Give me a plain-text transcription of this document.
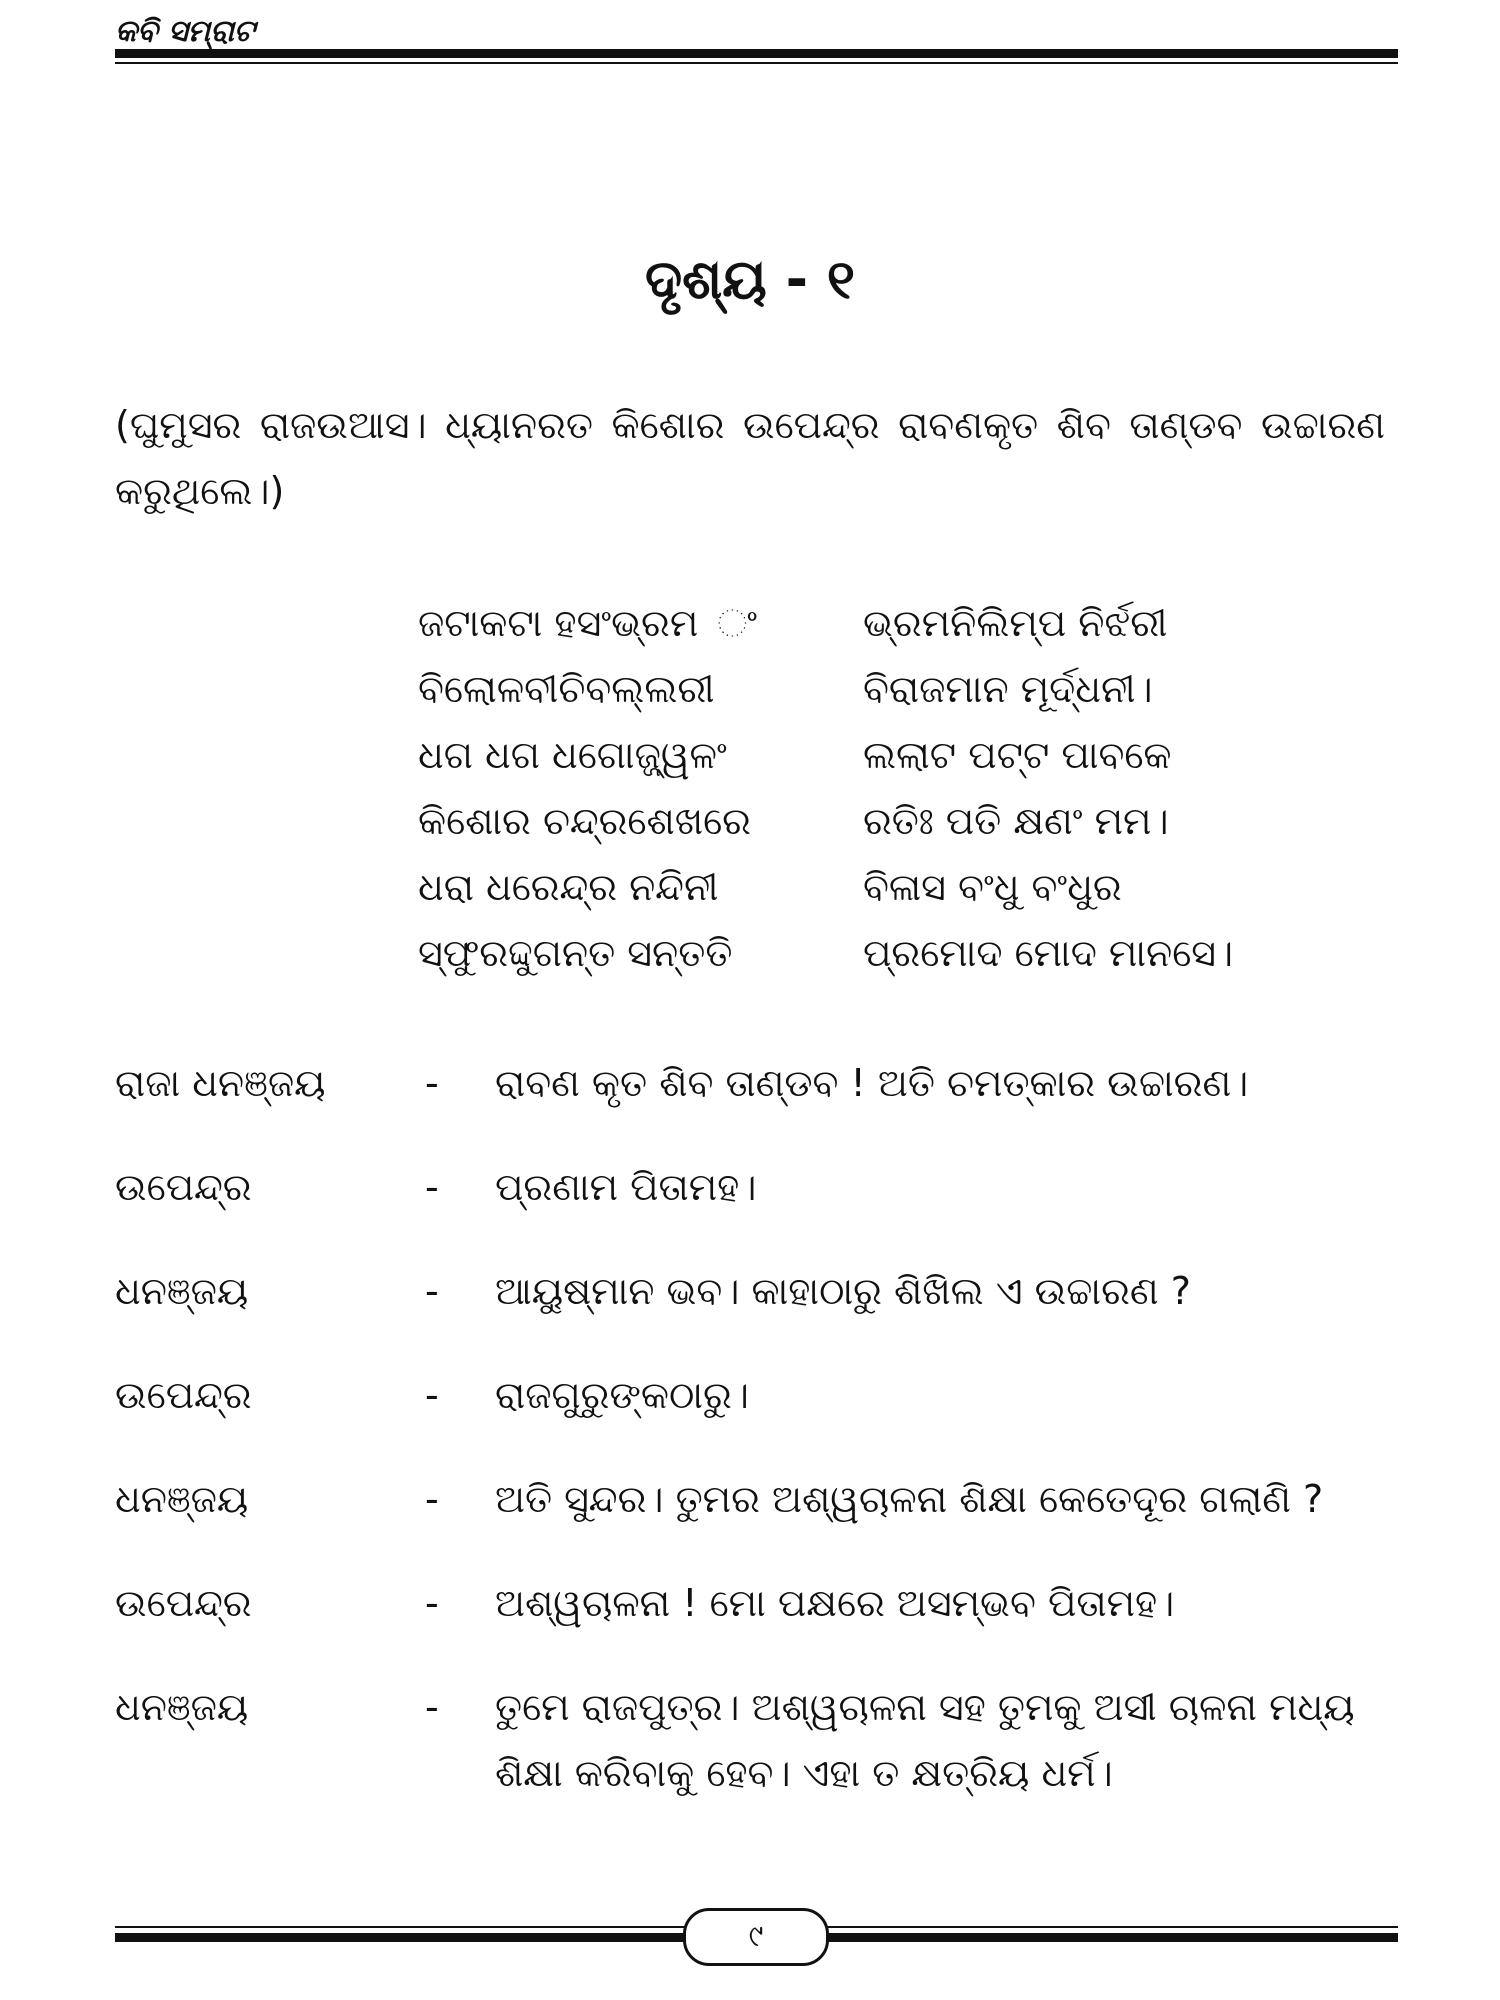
କବି ସମ୍ରାଟ
ଦୃଶ୍ୟ - ୧
(ଘୁମୁସର ରାଜଉଆସ। ଧ୍ୟାନରତ କିଶୋର ଉପେନ୍ଦ୍ର ରାବଣକୃତ ଶିବ ତାଣ୍ଡବ ଉଚ୍ଚାରଣ କରୁଥିଲେ।)
ଜଟାକଟା ହସଂଭ୍ରମ ଂ	ଭ୍ରମନିଲିମ୍ପ ନିର୍ଝରୀ
ବିଲୋଳବୀଚିବଲ୍ଲରୀ	ବିରାଜମାନ ମୂର୍ଦ୍ଧନୀ।
ଧଗ ଧଗ ଧଗୋଜ୍ଜ୍ୱଳଂ	ଲଲାଟ ପଟ୍ଟ ପାବକେ
କିଶୋର ଚନ୍ଦ୍ରଶେଖରେ	ରତିଃ ପତି କ୍ଷଣଂ ମମ।
ଧରା ଧରେନ୍ଦ୍ର ନନ୍ଦିନୀ	ବିଳାସ ବଂଧୁ ବଂଧୁର
ସ୍ଫୁରଦ୍ଦୁଗନ୍ତ ସନ୍ତତି	ପ୍ରମୋଦ ମୋଦ ମାନସେ।
ରାଜା ଧନଞ୍ଜୟ	- ରାବଣ କୃତ ଶିବ ତାଣ୍ଡବ ! ଅତି ଚମତ୍କାର ଉଚ୍ଚାରଣ।
ଉପେନ୍ଦ୍ର	- ପ୍ରଣାମ ପିତାମହ।
ଧନଞ୍ଜୟ	- ଆୟୁଷ୍ମାନ ଭବ। କାହାଠାରୁ ଶିଖିଲ ଏ ଉଚ୍ଚାରଣ ?
ଉପେନ୍ଦ୍ର	- ରାଜଗୁରୁଙ୍କଠାରୁ।
ଧନଞ୍ଜୟ	- ଅତି ସୁନ୍ଦର। ତୁମର ଅଶ୍ୱଚାଳନା ଶିକ୍ଷା କେତେଦୂର ଗଲାଣି ?
ଉପେନ୍ଦ୍ର	- ଅଶ୍ୱଚାଳନା ! ମୋ ପକ୍ଷରେ ଅସମ୍ଭବ ପିତାମହ।
ଧନଞ୍ଜୟ	- ତୁମେ ରାଜପୁତ୍ର। ଅଶ୍ୱଚାଳନା ସହ ତୁମକୁ ଅସୀ ଚାଳନା ମଧ୍ୟ ଶିକ୍ଷା କରିବାକୁ ହେବ। ଏହା ତ କ୍ଷତ୍ରିୟ ଧର୍ମ।
୯
